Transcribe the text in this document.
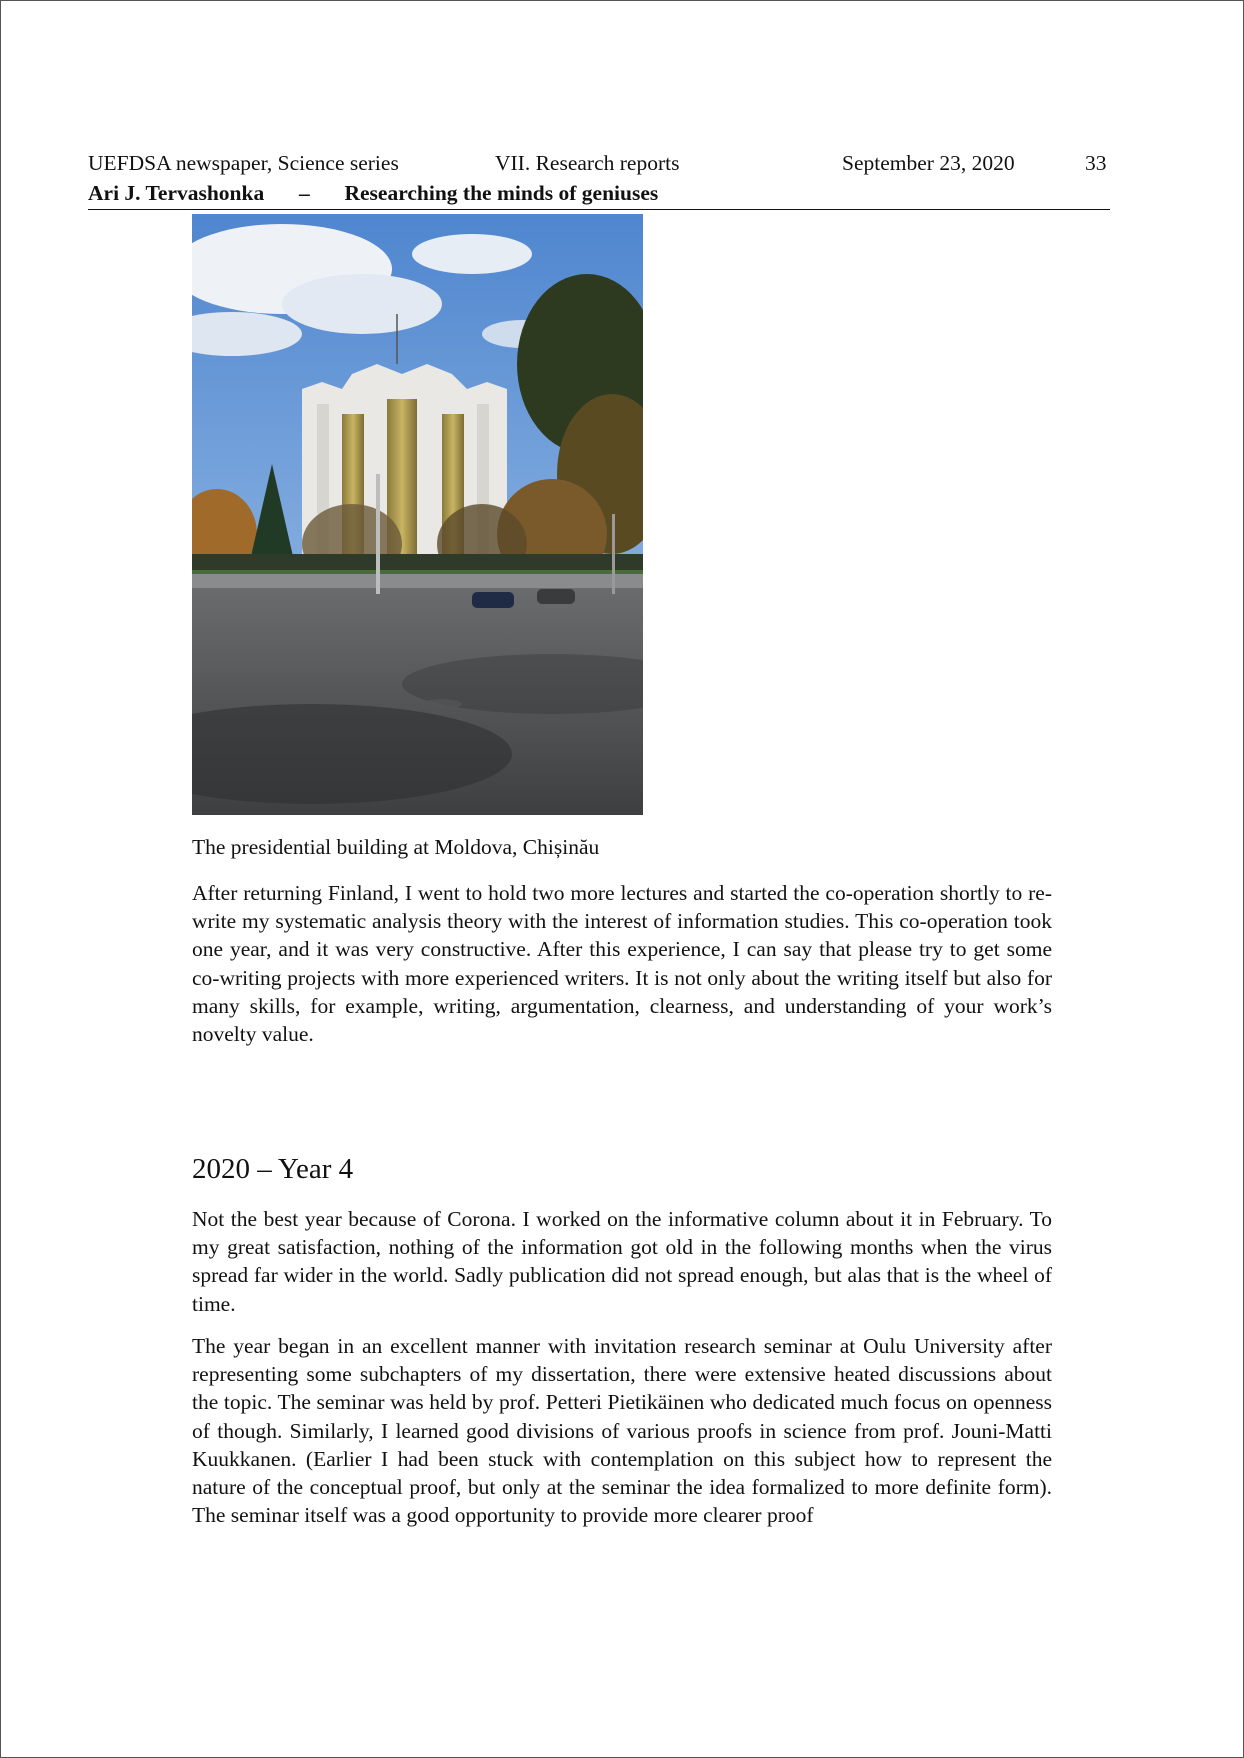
UEFDSA newspaper, Science series	VII. Research reports	September 23, 2020	33
Ari J. Tervashonka – Researching the minds of geniuses
The presidential building at Moldova, Chișinău

After returning Finland, I went to hold two more lectures and started the co-operation shortly to re-write my systematic analysis theory with the interest of information studies. This co-operation took one year, and it was very constructive. After this experience, I can say that please try to get some co-writing projects with more experienced writers. It is not only about the writing itself but also for many skills, for example, writing, argumentation, clearness, and understanding of your work’s novelty value.

2020 – Year 4

Not the best year because of Corona. I worked on the informative column about it in February. To my great satisfaction, nothing of the information got old in the following months when the virus spread far wider in the world. Sadly publication did not spread enough, but alas that is the wheel of time.

The year began in an excellent manner with invitation research seminar at Oulu University after representing some subchapters of my dissertation, there were extensive heated discussions about the topic. The seminar was held by prof. Petteri Pietikäinen who dedicated much focus on openness of though. Similarly, I learned good divisions of various proofs in science from prof. Jouni-Matti Kuukkanen. (Earlier I had been stuck with contemplation on this subject how to represent the nature of the conceptual proof, but only at the seminar the idea formalized to more definite form). The seminar itself was a good opportunity to provide more clearer proof
